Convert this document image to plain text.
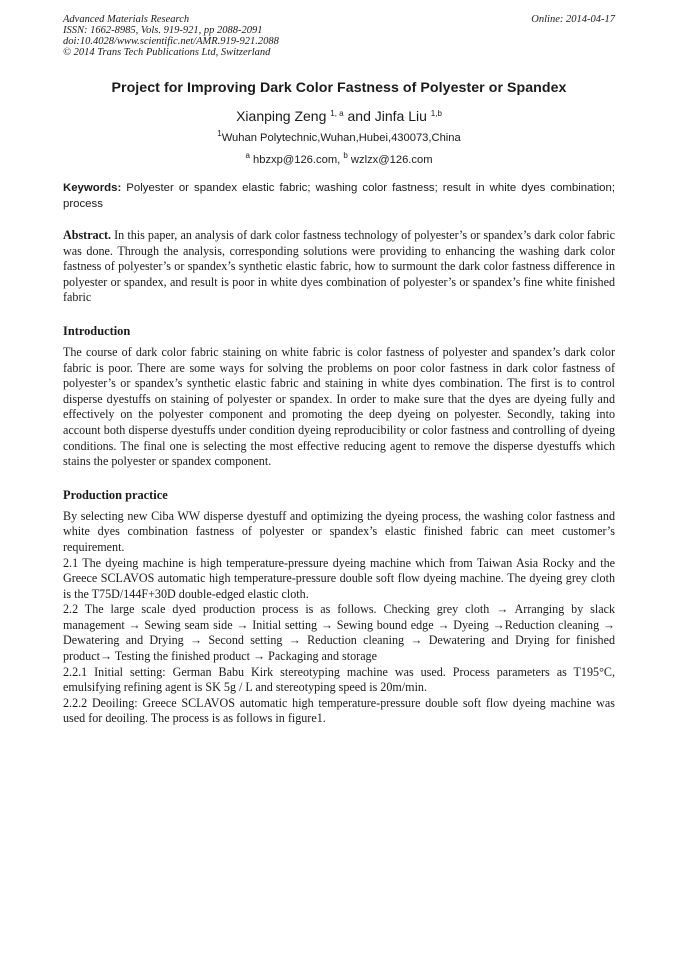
Advanced Materials Research
ISSN: 1662-8985, Vols. 919-921, pp 2088-2091
doi:10.4028/www.scientific.net/AMR.919-921.2088
© 2014 Trans Tech Publications Ltd, Switzerland
Online: 2014-04-17
Project for Improving Dark Color Fastness of Polyester or Spandex
Xianping Zeng $^{1, a}$ and Jinfa Liu $^{1,b}$
$^1$Wuhan Polytechnic,Wuhan,Hubei,430073,China
$^a$ hbzxp@126.com, $^b$ wzlzx@126.com
Keywords: Polyester or spandex elastic fabric; washing color fastness; result in white dyes combination; process
Abstract. In this paper, an analysis of dark color fastness technology of polyester’s or spandex’s dark color fabric was done. Through the analysis, corresponding solutions were providing to enhancing the washing dark color fastness of polyester’s or spandex’s synthetic elastic fabric, how to surmount the dark color fastness difference in polyester or spandex, and result is poor in white dyes combination of polyester’s or spandex’s fine white finished fabric
Introduction

The course of dark color fabric staining on white fabric is color fastness of polyester and spandex’s dark color fabric is poor. There are some ways for solving the problems on poor color fastness in dark color fastness of polyester’s or spandex’s synthetic elastic fabric and staining in white dyes combination. The first is to control disperse dyestuffs on staining of polyester or spandex. In order to make sure that the dyes are dyeing fully and effectively on the polyester component and promoting the deep dyeing on polyester. Secondly, taking into account both disperse dyestuffs under condition dyeing reproducibility or color fastness and controlling of dyeing conditions. The final one is selecting the most effective reducing agent to remove the disperse dyestuffs which stains the polyester or spandex component.

Production practice

By selecting new Ciba WW disperse dyestuff and optimizing the dyeing process, the washing color fastness and white dyes combination fastness of polyester or spandex’s elastic finished fabric can meet customer’s requirement.

2.1 The dyeing machine is high temperature-pressure dyeing machine which from Taiwan Asia Rocky and the Greece SCLAVOS automatic high temperature-pressure double soft flow dyeing machine. The dyeing grey cloth is the T75D/144F+30D double-edged elastic cloth.

2.2 The large scale dyed production process is as follows. Checking grey cloth → Arranging by slack management → Sewing seam side → Initial setting → Sewing bound edge → Dyeing →Reduction cleaning → Dewatering and Drying → Second setting → Reduction cleaning → Dewatering and Drying for finished product→ Testing the finished product → Packaging and storage

2.2.1 Initial setting: German Babu Kirk stereotyping machine was used. Process parameters as T195°C, emulsifying refining agent is SK 5g / L and stereotyping speed is 20m/min.

2.2.2 Deoiling: Greece SCLAVOS automatic high temperature-pressure double soft flow dyeing machine was used for deoiling. The process is as follows in figure1.
